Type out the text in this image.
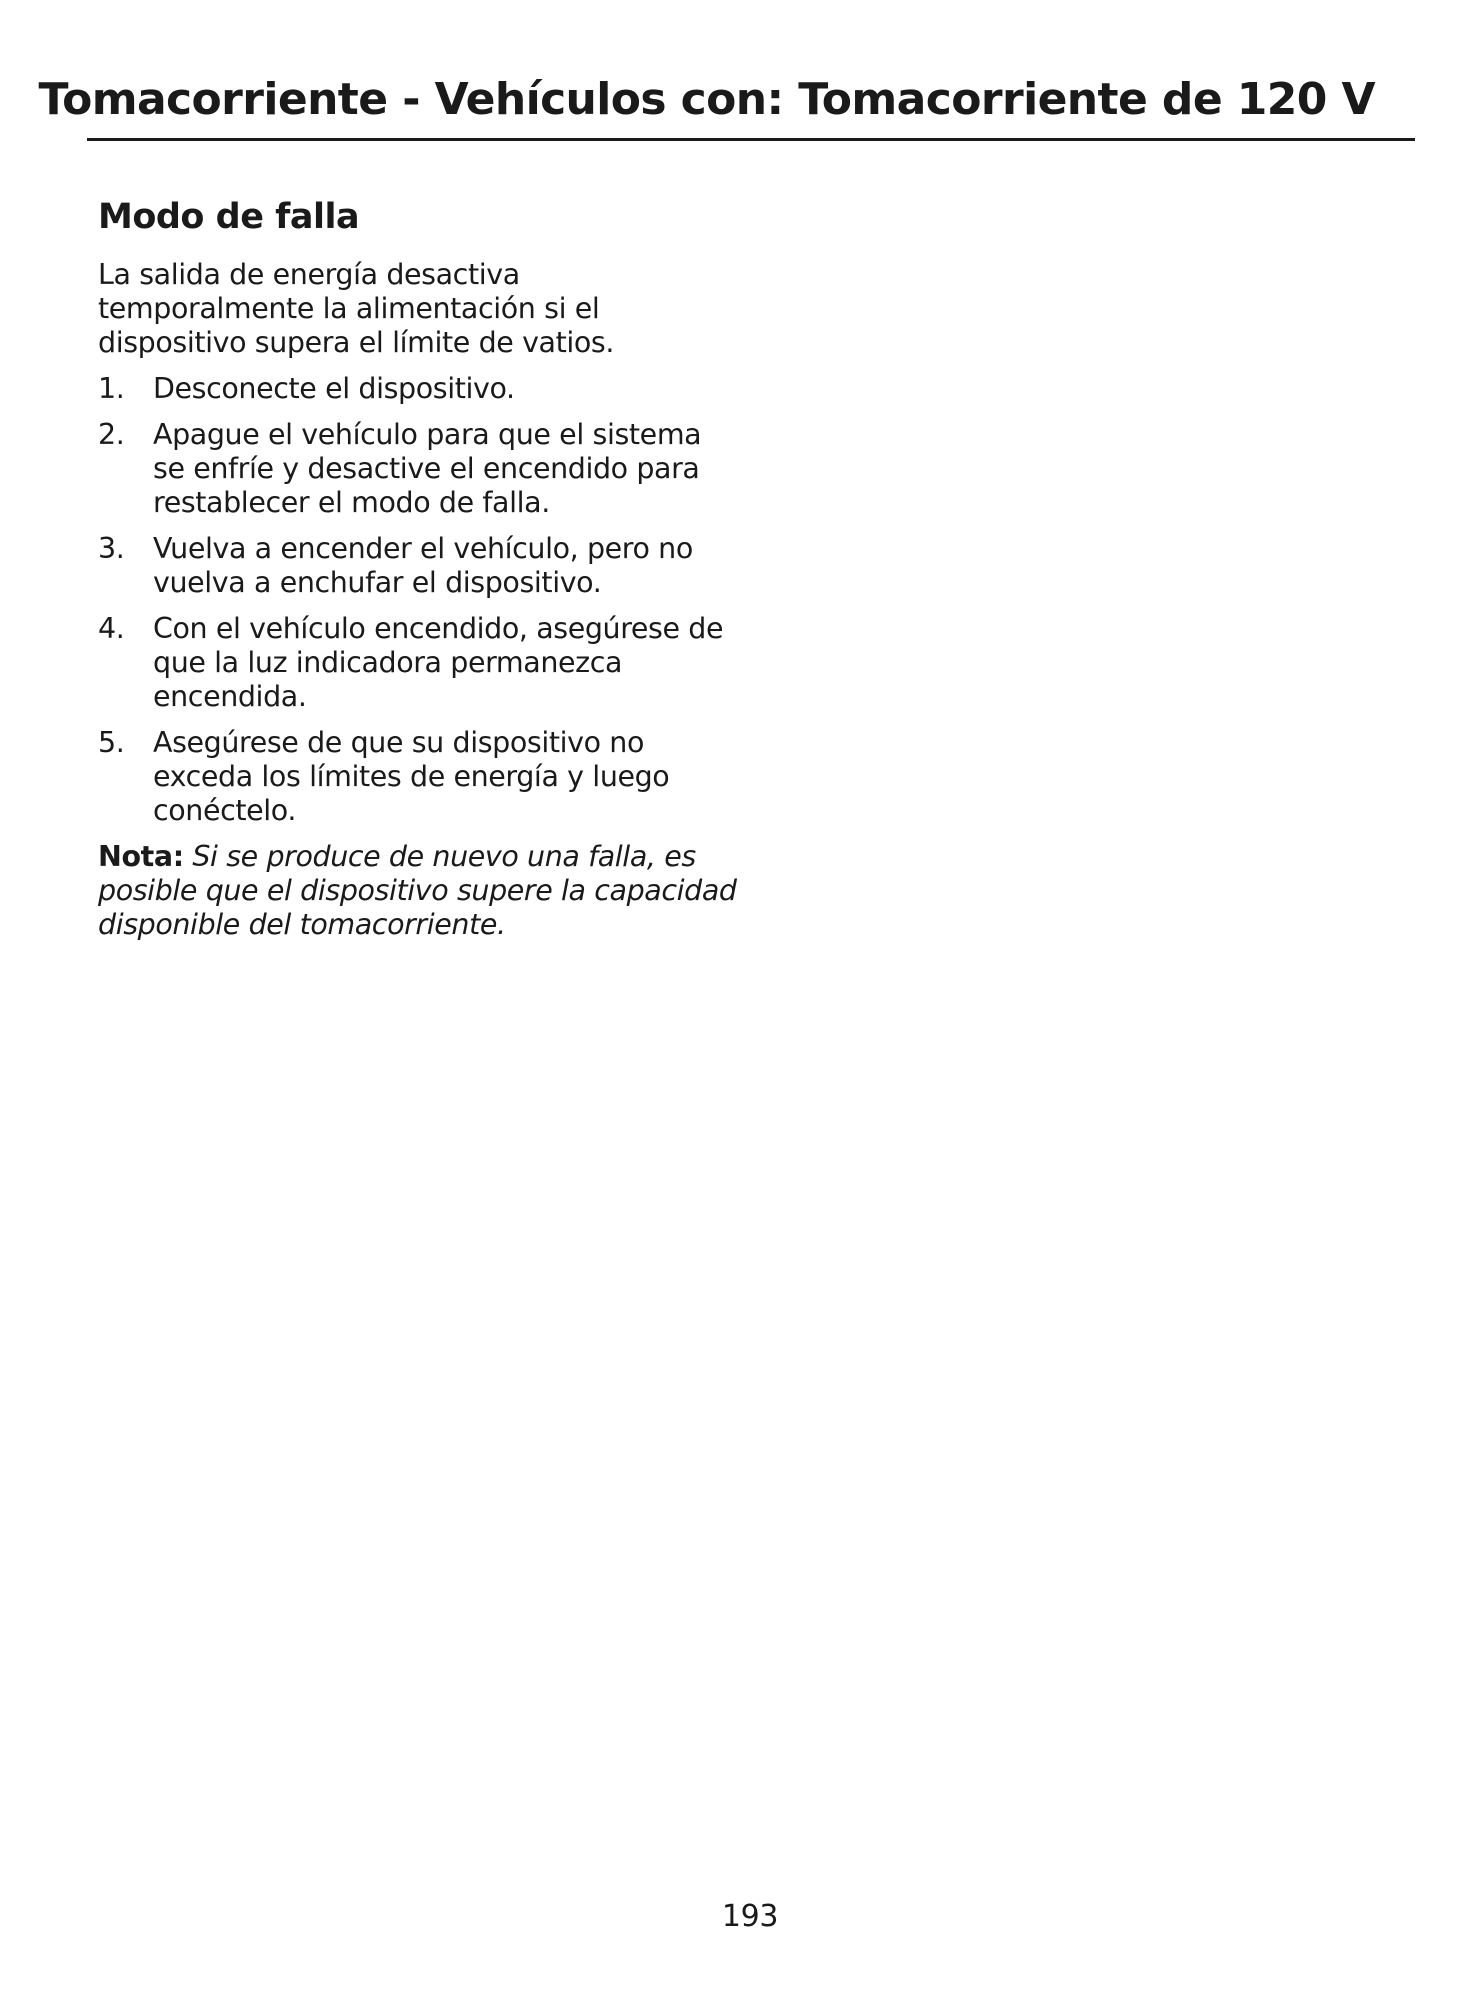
Tomacorriente - Vehículos con: Tomacorriente de 120 V
Modo de falla

La salida de energía desactiva temporalmente la alimentación si el dispositivo supera el límite de vatios.

1.	Desconecte el dispositivo.
2.	Apague el vehículo para que el sistema se enfríe y desactive el encendido para restablecer el modo de falla.
3.	Vuelva a encender el vehículo, pero no vuelva a enchufar el dispositivo.
4.	Con el vehículo encendido, asegúrese de que la luz indicadora permanezca encendida.
5.	Asegúrese de que su dispositivo no exceda los límites de energía y luego conéctelo.

Nota: Si se produce de nuevo una falla, es posible que el dispositivo supere la capacidad disponible del tomacorriente.

193
